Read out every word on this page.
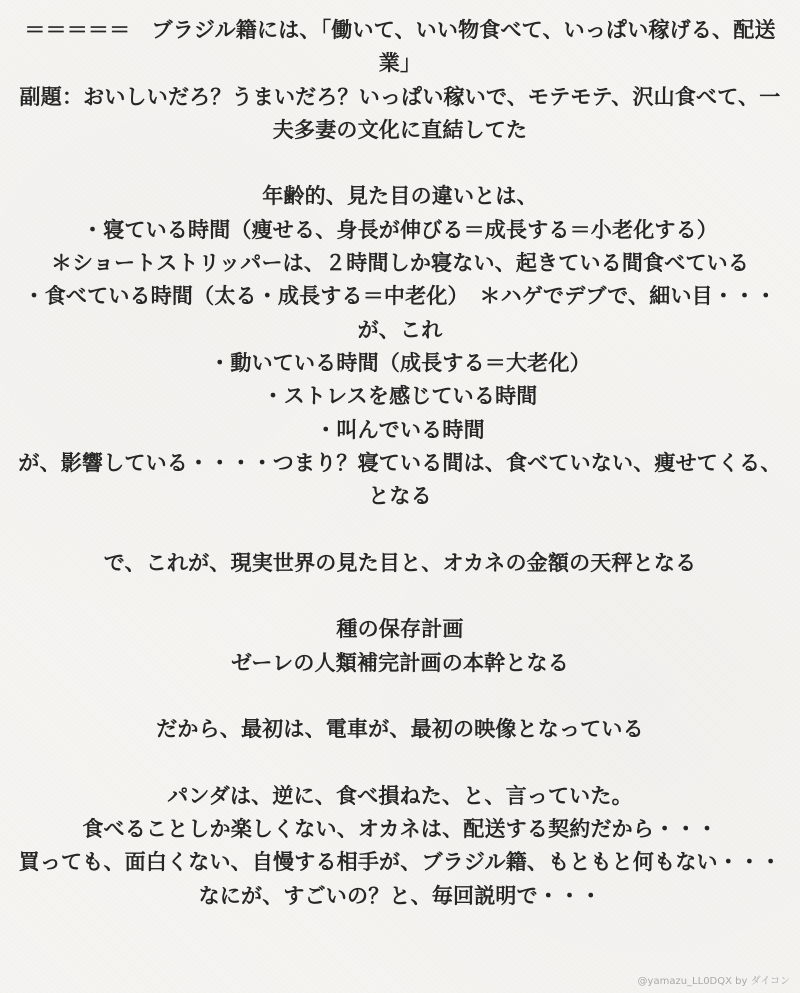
＝＝＝＝＝　ブラジル籍には、「働いて、いい物食べて、いっぱい稼げる、配送業」
副題：おいしいだろ？うまいだろ？いっぱい稼いで、モテモテ、沢山食べて、一夫多妻の文化に直結してた
年齢的、見た目の違いとは、
・寝ている時間（痩せる、身長が伸びる＝成長する＝小老化する）
＊ショートストリッパーは、２時間しか寝ない、起きている間食べている
・食べている時間（太る・成長する＝中老化）　＊ハゲでデブで、細い目・・・が、これ
・動いている時間（成長する＝大老化）
・ストレスを感じている時間
・叫んでいる時間
が、影響している・・・・つまり？寝ている間は、食べていない、痩せてくる、となる
で、これが、現実世界の見た目と、オカネの金額の天秤となる
種の保存計画
ゼーレの人類補完計画の本幹となる
だから、最初は、電車が、最初の映像となっている
パンダは、逆に、食べ損ねた、と、言っていた。
食べることしか楽しくない、オカネは、配送する契約だから・・・
買っても、面白くない、自慢する相手が、ブラジル籍、もともと何もない・・・
なにが、すごいの？と、毎回説明で・・・
@yamazu_LL0DQX by ダイコン
